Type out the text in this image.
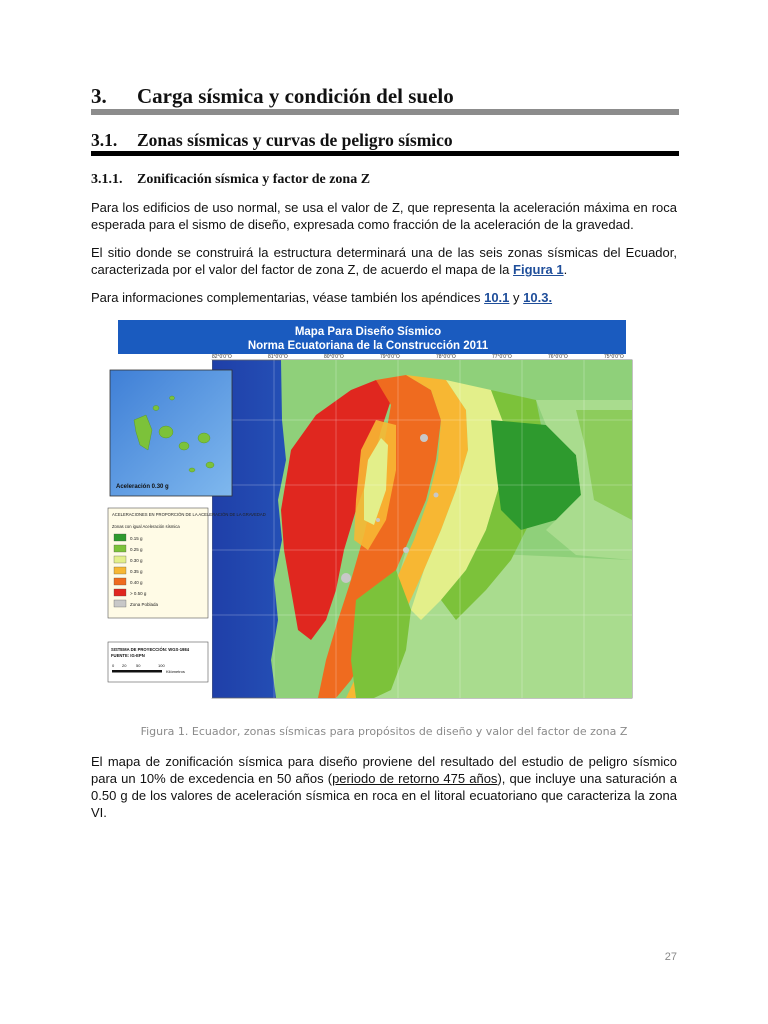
3. Carga sísmica y condición del suelo
3.1. Zonas sísmicas y curvas de peligro sísmico
3.1.1. Zonificación sísmica y factor de zona Z
Para los edificios de uso normal, se usa el valor de Z, que representa la aceleración máxima en roca esperada para el sismo de diseño, expresada como fracción de la aceleración de la gravedad.
El sitio donde se construirá la estructura determinará una de las seis zonas sísmicas del Ecuador, caracterizada por el valor del factor de zona Z, de acuerdo el mapa de la Figura 1.
Para informaciones complementarias, véase también los apéndices 10.1 y 10.3.
Mapa Para Diseño Sísmico
Norma Ecuatoriana de la Construcción 2011
82°0'0"O	81°0'0"O	80°0'0"O	79°0'0"O	78°0'0"O	77°0'0"O	76°0'0"O	75°0'0"O
Aceleración 0.30 g
ACELERACIONES EN PROPORCIÓN DE LA ACELERACIÓN DE LA GRAVEDAD
Zonas con igual Aceleración sísmica
0.15 g
0.25 g
0.30 g
0.35 g
0.40 g
> 0.50 g
Zona Poblada
SISTEMA DE PROYECCIÓN: WGS-1984
FUENTE: IG-EPN
0 20 50	100
Kilómetros
Figura 1. Ecuador, zonas sísmicas para propósitos de diseño y valor del factor de zona Z
El mapa de zonificación sísmica para diseño proviene del resultado del estudio de peligro sísmico para un 10% de excedencia en 50 años (periodo de retorno 475 años), que incluye una saturación a 0.50 g de los valores de aceleración sísmica en roca en el litoral ecuatoriano que caracteriza la zona VI.
27
